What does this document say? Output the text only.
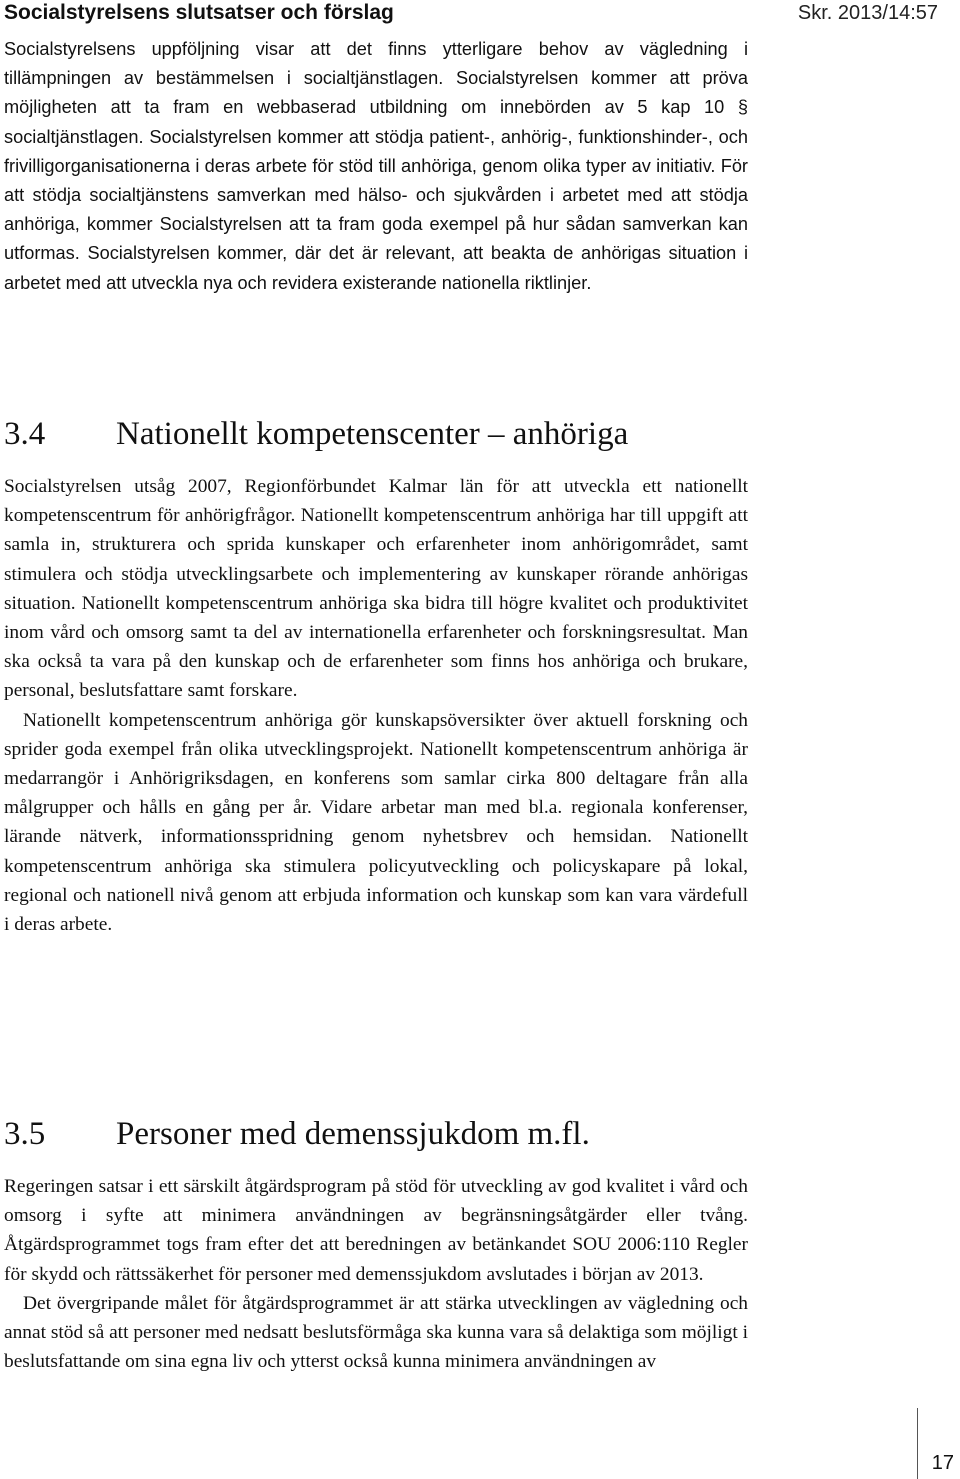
Skr. 2013/14:57
Socialstyrelsens slutsatser och förslag

Socialstyrelsens uppföljning visar att det finns ytterligare behov av vägledning i tillämpningen av bestämmelsen i socialtjänstlagen. Socialstyrelsen kommer att pröva möjligheten att ta fram en webbaserad utbildning om innebörden av 5 kap 10 § socialtjänstlagen. Socialstyrelsen kommer att stödja patient-, anhörig-, funktionshinder-, och frivilligorganisationerna i deras arbete för stöd till anhöriga, genom olika typer av initiativ. För att stödja socialtjänstens samverkan med hälso- och sjukvården i arbetet med att stödja anhöriga, kommer Socialstyrelsen att ta fram goda exempel på hur sådan samverkan kan utformas. Socialstyrelsen kommer, där det är relevant, att beakta de anhörigas situation i arbetet med att utveckla nya och revidera existerande nationella riktlinjer.

3.4	Nationellt kompetenscenter – anhöriga

Socialstyrelsen utsåg 2007, Regionförbundet Kalmar län för att utveckla ett nationellt kompetenscentrum för anhörigfrågor. Nationellt kompetenscentrum anhöriga har till uppgift att samla in, strukturera och sprida kunskaper och erfarenheter inom anhörigområdet, samt stimulera och stödja utvecklingsarbete och implementering av kunskaper rörande anhörigas situation. Nationellt kompetenscentrum anhöriga ska bidra till högre kvalitet och produktivitet inom vård och omsorg samt ta del av internationella erfarenheter och forskningsresultat. Man ska också ta vara på den kunskap och de erfarenheter som finns hos anhöriga och brukare, personal, beslutsfattare samt forskare.

Nationellt kompetenscentrum anhöriga gör kunskapsöversikter över aktuell forskning och sprider goda exempel från olika utvecklingsprojekt. Nationellt kompetenscentrum anhöriga är medarrangör i Anhörigriksdagen, en konferens som samlar cirka 800 deltagare från alla målgrupper och hålls en gång per år. Vidare arbetar man med bl.a. regionala konferenser, lärande nätverk, informationsspridning genom nyhetsbrev och hemsidan. Nationellt kompetenscentrum anhöriga ska stimulera policyutveckling och policyskapare på lokal, regional och nationell nivå genom att erbjuda information och kunskap som kan vara värdefull i deras arbete.

3.5	Personer med demenssjukdom m.fl.

Regeringen satsar i ett särskilt åtgärdsprogram på stöd för utveckling av god kvalitet i vård och omsorg i syfte att minimera användningen av begränsningsåtgärder eller tvång. Åtgärdsprogrammet togs fram efter det att beredningen av betänkandet SOU 2006:110 Regler för skydd och rättssäkerhet för personer med demenssjukdom avslutades i början av 2013.

Det övergripande målet för åtgärdsprogrammet är att stärka utvecklingen av vägledning och annat stöd så att personer med nedsatt beslutsförmåga ska kunna vara så delaktiga som möjligt i beslutsfattande om sina egna liv och ytterst också kunna minimera användningen av

17
